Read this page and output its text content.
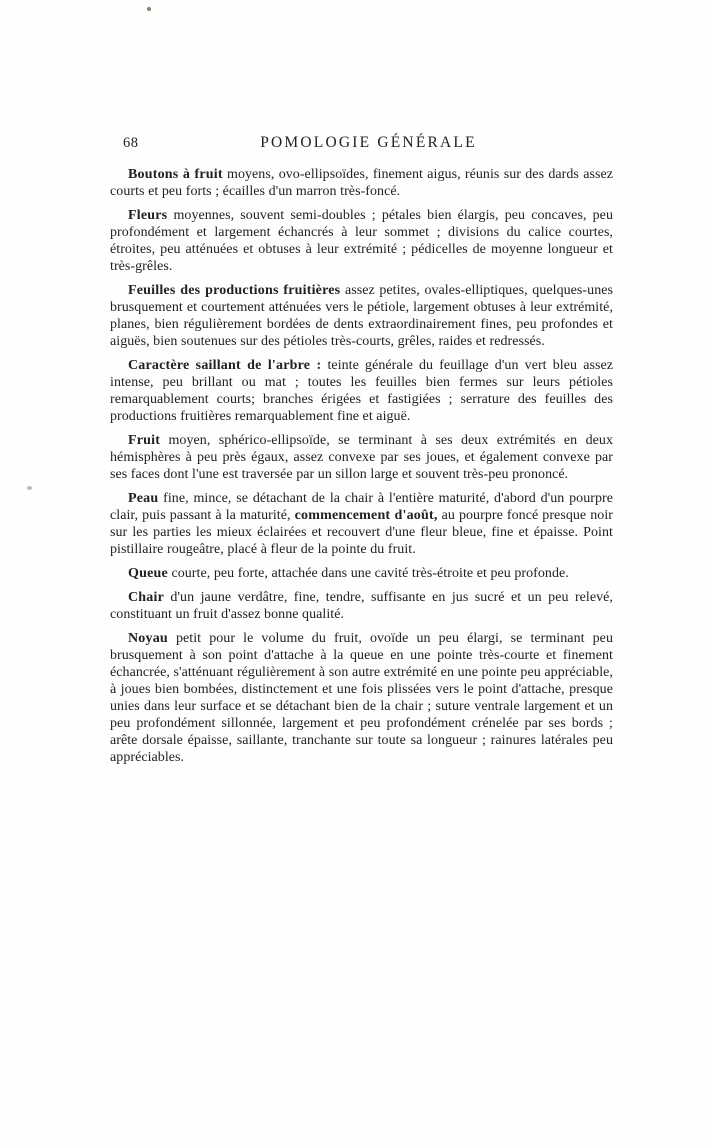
68	POMOLOGIE GÉNÉRALE

Boutons à fruit moyens, ovo-ellipsoïdes, finement aigus, réunis sur des dards assez courts et peu forts ; écailles d'un marron très-foncé.

Fleurs moyennes, souvent semi-doubles ; pétales bien élargis, peu concaves, peu profondément et largement échancrés à leur sommet ; divisions du calice courtes, étroites, peu atténuées et obtuses à leur extrémité ; pédicelles de moyenne longueur et très-grêles.

Feuilles des productions fruitières assez petites, ovales-elliptiques, quelques-unes brusquement et courtement atténuées vers le pétiole, largement obtuses à leur extrémité, planes, bien régulièrement bordées de dents extraordinairement fines, peu profondes et aiguës, bien soutenues sur des pétioles très-courts, grêles, raides et redressés.

Caractère saillant de l'arbre : teinte générale du feuillage d'un vert bleu assez intense, peu brillant ou mat ; toutes les feuilles bien fermes sur leurs pétioles remarquablement courts; branches érigées et fastigiées ; serrature des feuilles des productions fruitières remarquablement fine et aiguë.

Fruit moyen, sphérico-ellipsoïde, se terminant à ses deux extrémités en deux hémisphères à peu près égaux, assez convexe par ses joues, et également convexe par ses faces dont l'une est traversée par un sillon large et souvent très-peu prononcé.

Peau fine, mince, se détachant de la chair à l'entière maturité, d'abord d'un pourpre clair, puis passant à la maturité, commencement d'août, au pourpre foncé presque noir sur les parties les mieux éclairées et recouvert d'une fleur bleue, fine et épaisse. Point pistillaire rougeâtre, placé à fleur de la pointe du fruit.

Queue courte, peu forte, attachée dans une cavité très-étroite et peu profonde.

Chair d'un jaune verdâtre, fine, tendre, suffisante en jus sucré et un peu relevé, constituant un fruit d'assez bonne qualité.

Noyau petit pour le volume du fruit, ovoïde un peu élargi, se terminant peu brusquement à son point d'attache à la queue en une pointe très-courte et finement échancrée, s'atténuant régulièrement à son autre extrémité en une pointe peu appréciable, à joues bien bombées, distinctement et une fois plissées vers le point d'attache, presque unies dans leur surface et se détachant bien de la chair ; suture ventrale largement et un peu profondément sillonnée, largement et peu profondément crénelée par ses bords ; arête dorsale épaisse, saillante, tranchante sur toute sa longueur ; rainures latérales peu appréciables.
